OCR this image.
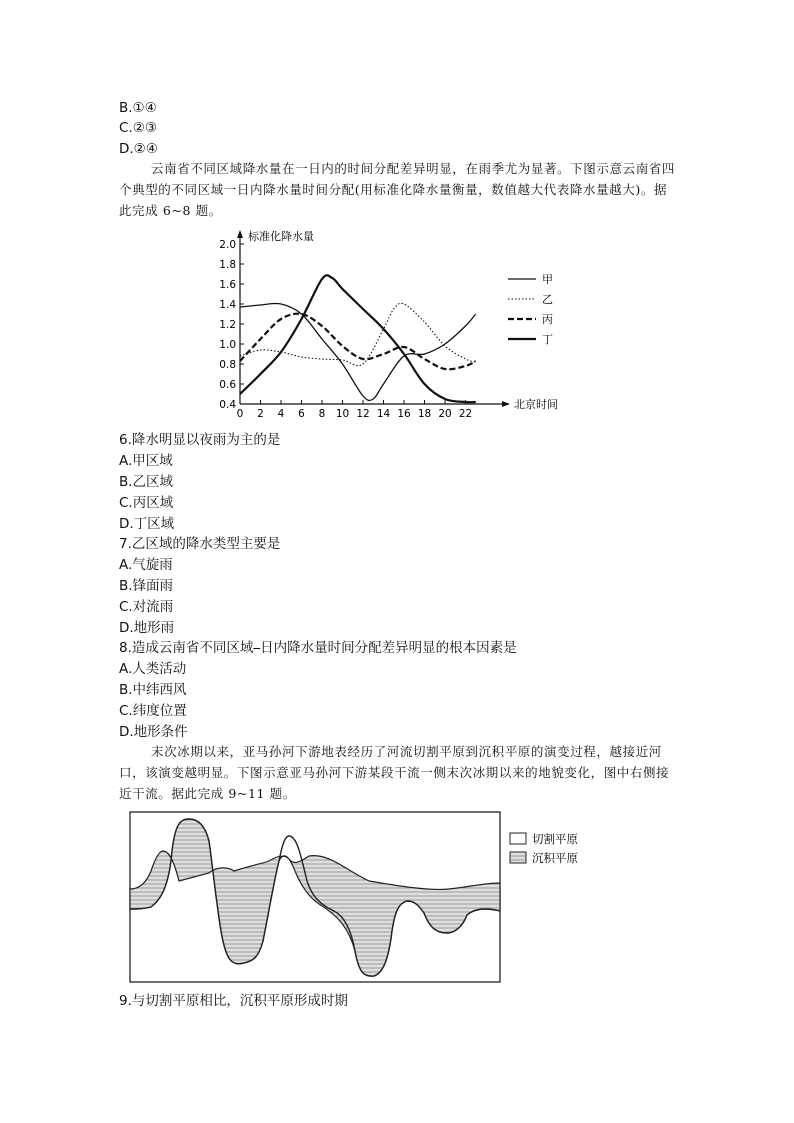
B.①④
C.②③
D.②④
云南省不同区域降水量在一日内的时间分配差异明显，在雨季尤为显著。下图示意云南省四个典型的不同区域一日内降水量时间分配(用标准化降水量衡量，数值越大代表降水量越大)。据此完成 6~8 题。
标准化降水量
北京时间
0.4
0.6
0.8
1.0
1.2
1.4
1.6
1.8
2.0
0 2 4 6 8 10 12 14 16 18 20 22
甲
乙
丙
丁
6.降水明显以夜雨为主的是
A.甲区域
B.乙区域
C.丙区域
D.丁区域
7.乙区域的降水类型主要是
A.气旋雨
B.锋面雨
C.对流雨
D.地形雨
8.造成云南省不同区域⎯日内降水量时间分配差异明显的根本因素是
A.人类活动
B.中纬西风
C.纬度位置
D.地形条件
末次冰期以来，亚马孙河下游地表经历了河流切割平原到沉积平原的演变过程，越接近河口，该演变越明显。下图示意亚马孙河下游某段干流一侧末次冰期以来的地貌变化，图中右侧接近干流。据此完成 9~11 题。
切割平原
沉积平原
9.与切割平原相比，沉积平原形成时期
